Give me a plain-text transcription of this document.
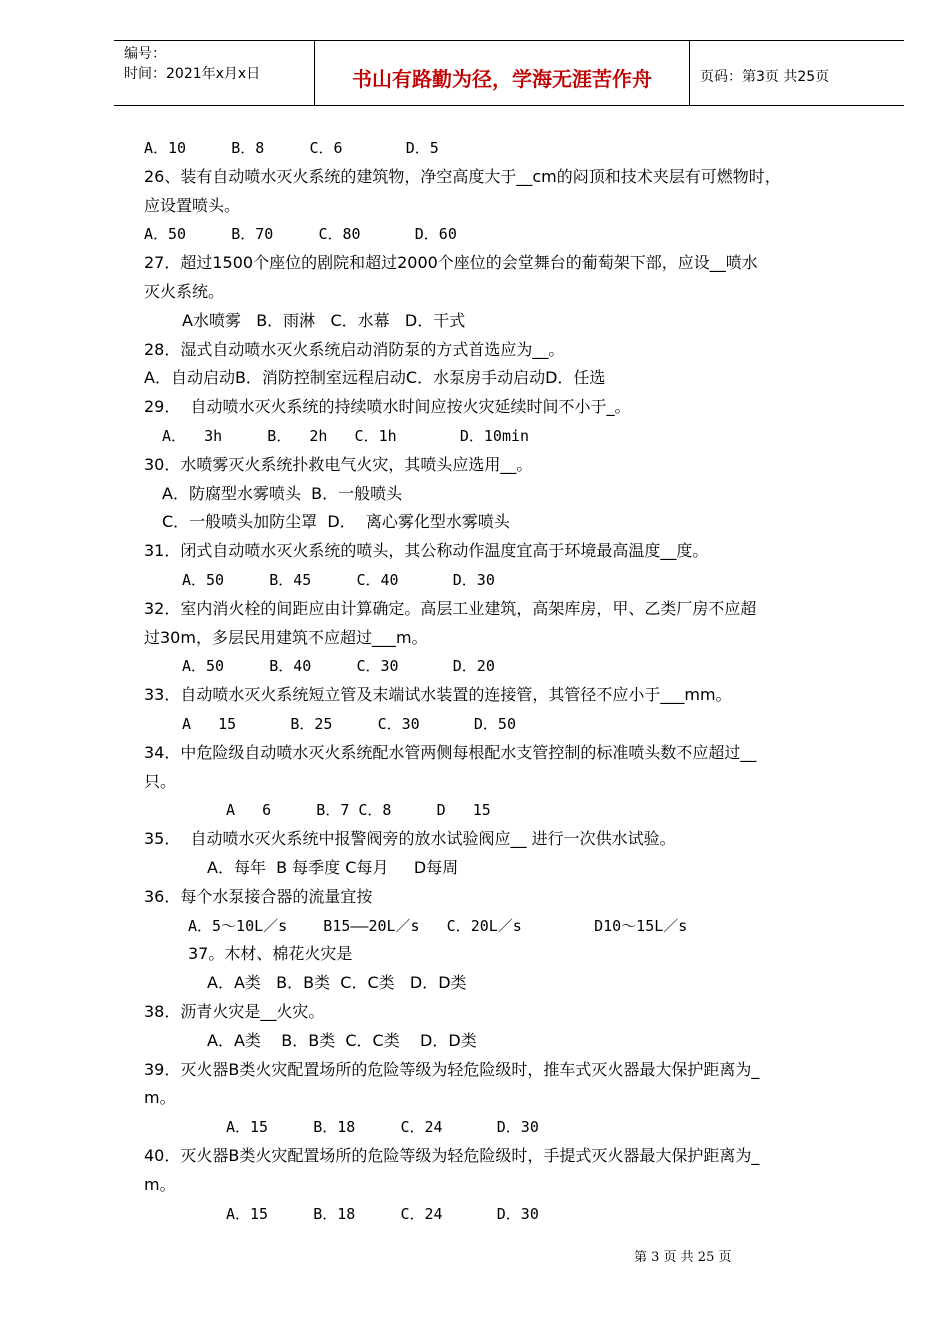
编号：
时间：2021年x月x日	书山有路勤为径，学海无涯苦作舟	页码：第3页 共25页
A．10     B．8     C．6       D．5
26、装有自动喷水灭火系统的建筑物，净空高度大于__cm的闷顶和技术夹层有可燃物时，
应设置喷头。
A．50     B．70     C．80      D．60
27．超过1500个座位的剧院和超过2000个座位的会堂舞台的葡萄架下部，应设__喷水
灭火系统。
A水喷雾   B．雨淋   C．水幕   D．干式
28．湿式自动喷水灭火系统启动消防泵的方式首选应为__。
A．自动启动B．消防控制室远程启动C．水泵房手动启动D．任选
29．  自动喷水灭火系统的持续喷水时间应按火灾延续时间不小于_。
A．  3h     B．  2h   C．1h       D．10min
30．水喷雾灭火系统扑救电气火灾，其喷头应选用__。
A．防腐型水雾喷头  B．一般喷头
C．一般喷头加防尘罩  D．  离心雾化型水雾喷头
31．闭式自动喷水灭火系统的喷头，其公称动作温度宜高于环境最高温度__度。
A．50     B．45     C．40      D．30
32．室内消火栓的间距应由计算确定。高层工业建筑，高架库房，甲、乙类厂房不应超
过30m，多层民用建筑不应超过___m。
A．50     B．40     C．30      D．20
33．自动喷水灭火系统短立管及末端试水装置的连接管，其管径不应小于___mm。
A   15      B．25     C．30      D．50
34．中危险级自动喷水灭火系统配水管两侧每根配水支管控制的标准喷头数不应超过__
只。
A   6     B．7 C．8     D   15
35．  自动喷水灭火系统中报警阀旁的放水试验阀应__ 进行一次供水试验。
A．每年  B 每季度 C每月     D每周
36．每个水泵接合器的流量宜按
A．5～10L／s    B15——20L／s   C．20L／s        D10～15L／s
37。木材、棉花火灾是
A．A类   B．B类  C．C类   D．D类
38．沥青火灾是__火灾。
A．A类    B．B类  C．C类    D．D类
39．灭火器B类火灾配置场所的危险等级为轻危险级时，推车式灭火器最大保护距离为_
m。
A．15     B．18     C．24      D．30
40．灭火器B类火灾配置场所的危险等级为轻危险级时，手提式灭火器最大保护距离为_
m。
A．15     B．18     C．24      D．30
第 3 页 共 25 页
